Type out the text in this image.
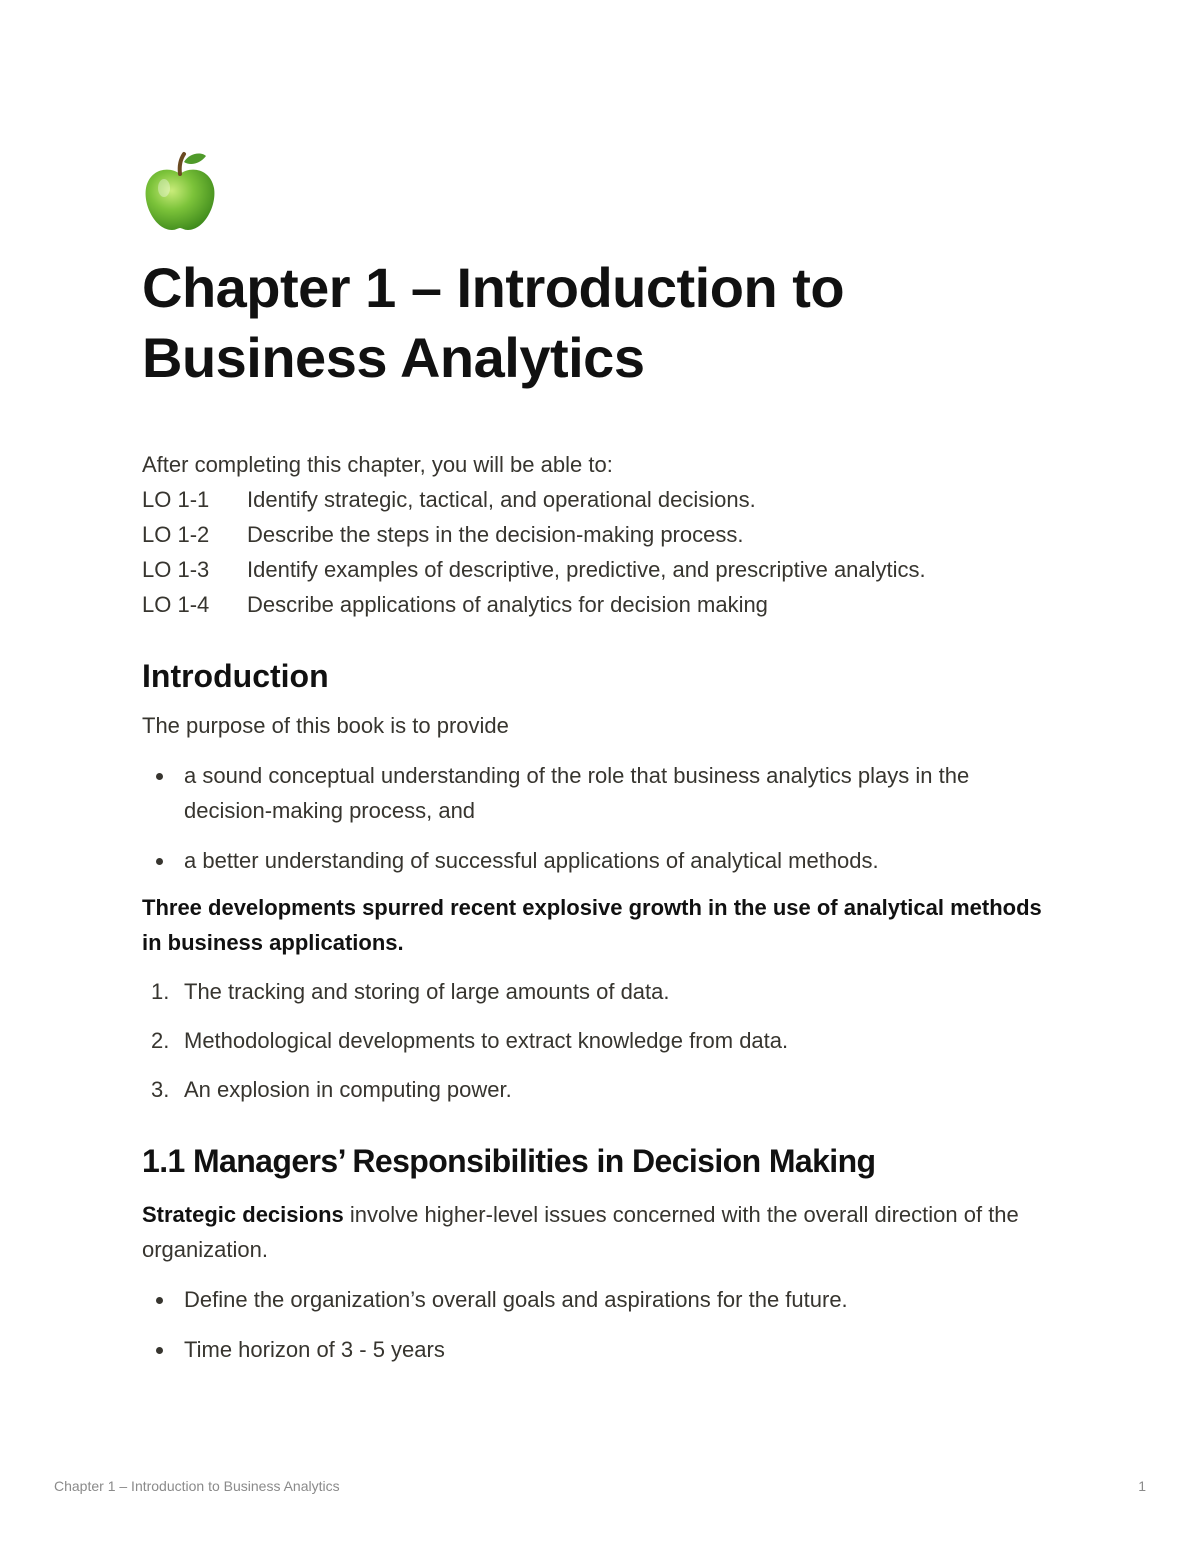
Chapter 1 – Introduction to
Business Analytics
After completing this chapter, you will be able to:
LO 1-1	Identify strategic, tactical, and operational decisions.
LO 1-2	Describe the steps in the decision-making process.
LO 1-3	Identify examples of descriptive, predictive, and prescriptive analytics.
LO 1-4	Describe applications of analytics for decision making
Introduction

The purpose of this book is to provide

a sound conceptual understanding of the role that business analytics plays in the decision-making process, and
a better understanding of successful applications of analytical methods.

Three developments spurred recent explosive growth in the use of analytical methods in business applications.

1. The tracking and storing of large amounts of data.
2. Methodological developments to extract knowledge from data.
3. An explosion in computing power.
1.1 Managers’ Responsibilities in Decision Making

Strategic decisions involve higher-level issues concerned with the overall direction of the organization.

Define the organization’s overall goals and aspirations for the future.
Time horizon of 3 - 5 years
Chapter 1 – Introduction to Business Analytics	1
